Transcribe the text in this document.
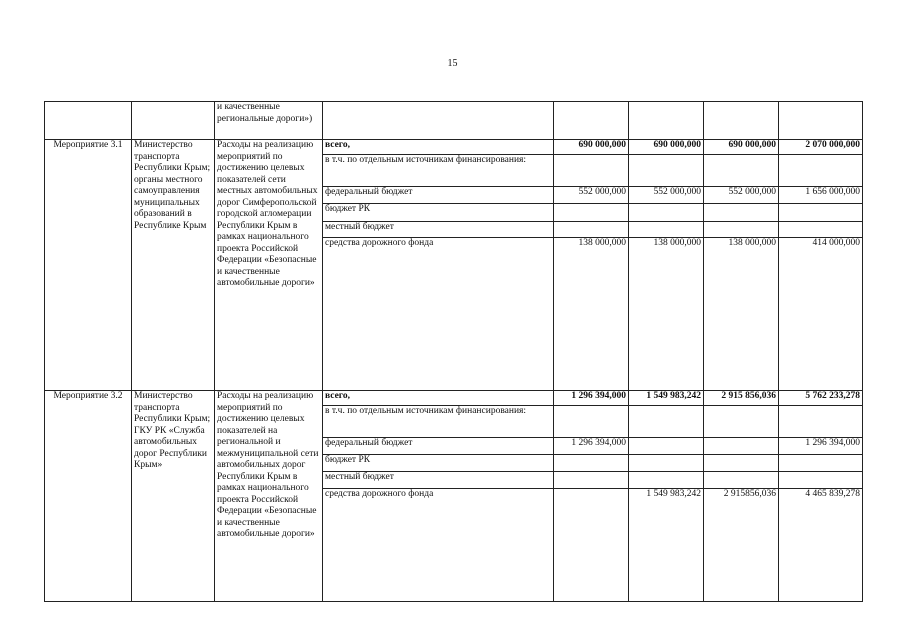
15
		и качественные региональные дороги»)					
Мероприятие 3.1	Министерство транспорта Республики Крым; органы местного самоуправления муниципальных образований в Республике Крым	Расходы на реализацию мероприятий по достижению целевых показателей сети местных автомобильных дорог Симферопольской городской агломерации Республики Крым в рамках национального проекта Российской Федерации «Безопасные и качественные автомобильные дороги»	всего,	690 000,000	690 000,000	690 000,000	2 070 000,000
			в т.ч. по отдельным источникам финансирования:				
			федеральный бюджет	552 000,000	552 000,000	552 000,000	1 656 000,000
			бюджет РК				
			местный бюджет				
			средства дорожного фонда	138 000,000	138 000,000	138 000,000	414 000,000
Мероприятие 3.2	Министерство транспорта Республики Крым; ГКУ РК «Служба автомобильных дорог Республики Крым»	Расходы на реализацию мероприятий по достижению целевых показателей на региональной и межмуниципальной сети автомобильных дорог Республики Крым в рамках национального проекта Российской Федерации «Безопасные и качественные автомобильные дороги»	всего,	1 296 394,000	1 549 983,242	2 915 856,036	5 762 233,278
			в т.ч. по отдельным источникам финансирования:				
			федеральный бюджет	1 296 394,000			1 296 394,000
			бюджет РК				
			местный бюджет				
			средства дорожного фонда		1 549 983,242	2 915856,036	4 465 839,278
